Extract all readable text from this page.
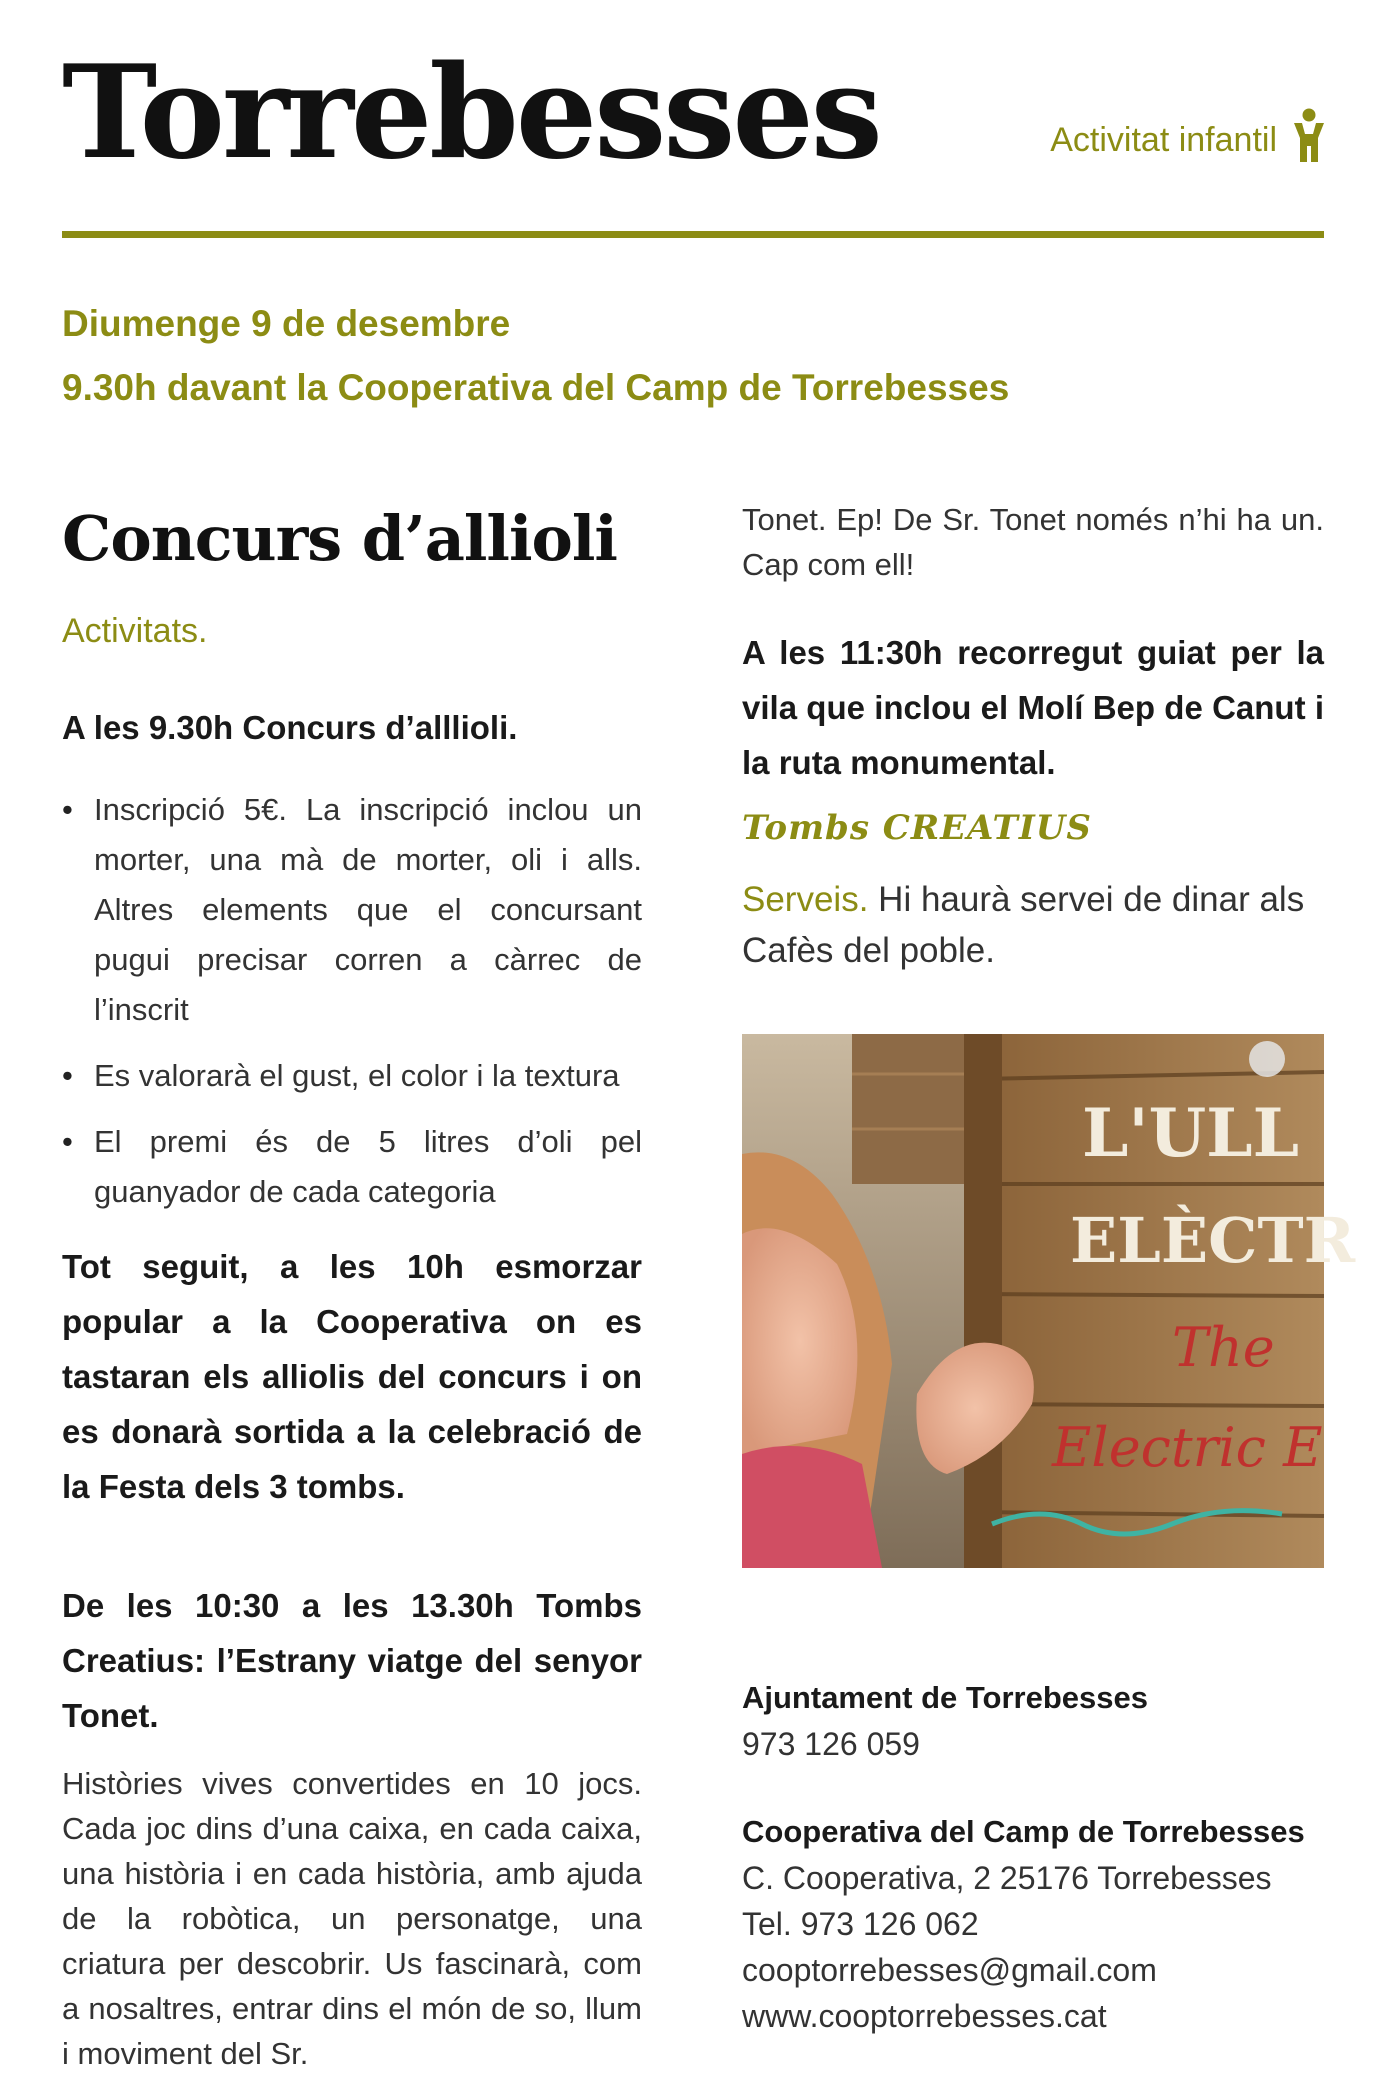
Torrebesses	Activitat infantil
Diumenge 9 de desembre
9.30h davant la Cooperativa del Camp de Torrebesses
Concurs d’allioli
Activitats.

A les 9.30h Concurs d’alllioli.

• Inscripció 5€. La inscripció inclou un morter, una mà de morter, oli i alls. Altres elements que el concursant pugui precisar corren a càrrec de l’inscrit
• Es valorarà el gust, el color i la textura
• El premi és de 5 litres d’oli pel guanyador de cada categoria

Tot seguit, a les 10h esmorzar popular a la Cooperativa on es tastaran els alliolis del concurs i on es donarà sortida a la celebració de la Festa dels 3 tombs.

De les 10:30 a les 13.30h Tombs Creatius: l’Estrany viatge del senyor Tonet.

Històries vives convertides en 10 jocs. Cada joc dins d’una caixa, en cada caixa, una història i en cada història, amb ajuda de la robòtica, un personatge, una criatura per descobrir. Us fascinarà, com a nosaltres, entrar dins el món de so, llum i moviment del Sr.

Tonet. Ep! De Sr. Tonet només n’hi ha un. Cap com ell!

A les 11:30h recorregut guiat per la vila que inclou el Molí Bep de Canut i la ruta monumental.

Tombs CREATIUS

Serveis. Hi haurà servei de dinar als Cafès del poble.

L'ULL
ELÈCTR
The
Electric E
Ajuntament de Torrebesses
973 126 059
Cooperativa del Camp de Torrebesses
C. Cooperativa, 2 25176 Torrebesses
Tel. 973 126 062
cooptorrebesses@gmail.com
www.cooptorrebesses.cat
